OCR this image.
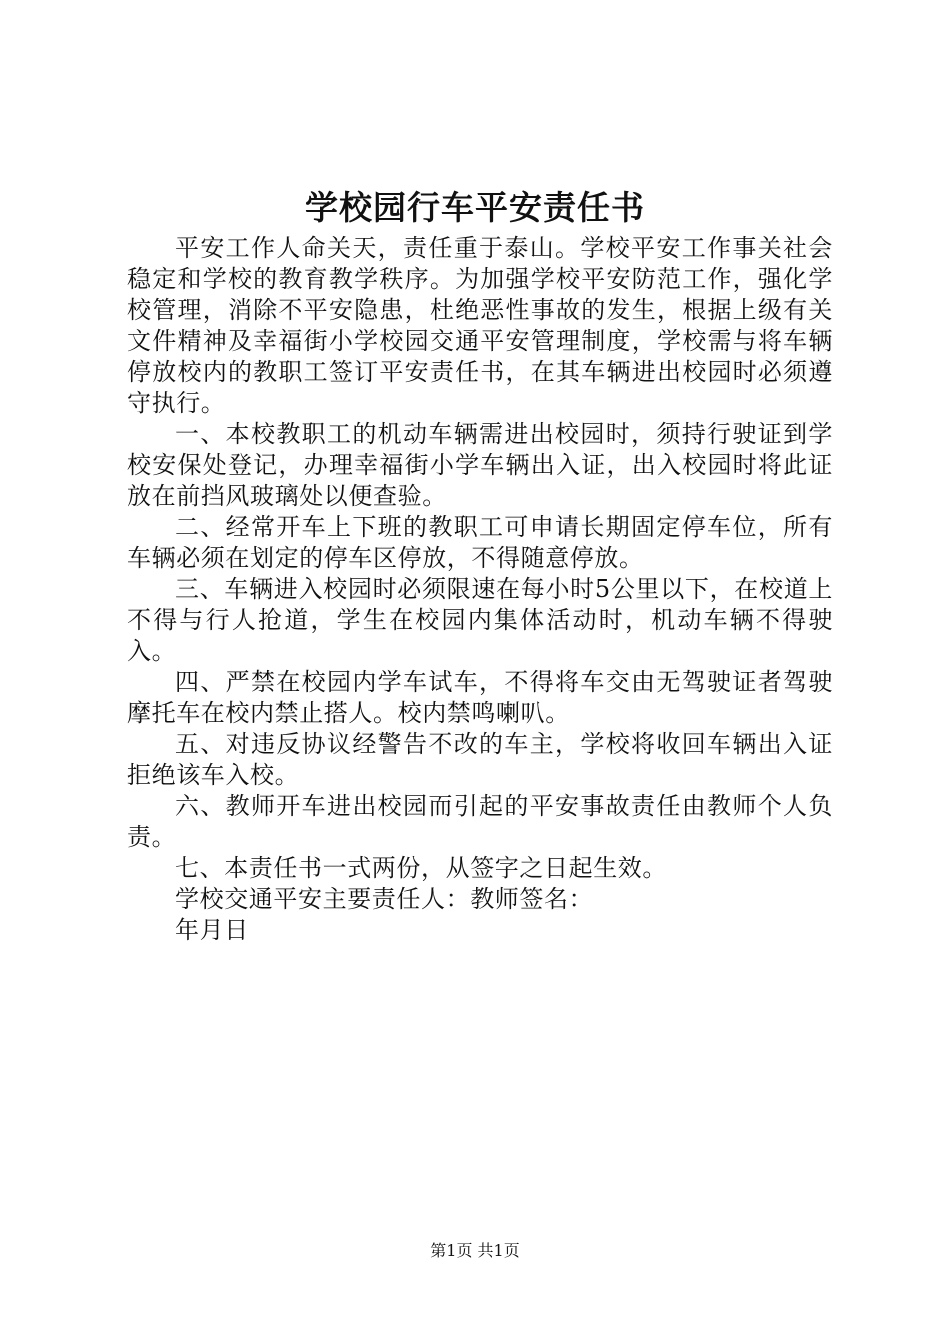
学校园行车平安责任书

平安工作人命关天，责任重于泰山。学校平安工作事关社会稳定和学校的教育教学秩序。为加强学校平安防范工作，强化学校管理，消除不平安隐患，杜绝恶性事故的发生，根据上级有关文件精神及幸福街小学校园交通平安管理制度，学校需与将车辆停放校内的教职工签订平安责任书，在其车辆进出校园时必须遵守执行。

一、本校教职工的机动车辆需进出校园时，须持行驶证到学校安保处登记，办理幸福街小学车辆出入证，出入校园时将此证放在前挡风玻璃处以便查验。

二、经常开车上下班的教职工可申请长期固定停车位，所有车辆必须在划定的停车区停放，不得随意停放。

三、车辆进入校园时必须限速在每小时5公里以下，在校道上不得与行人抢道，学生在校园内集体活动时，机动车辆不得驶入。

四、严禁在校园内学车试车，不得将车交由无驾驶证者驾驶摩托车在校内禁止搭人。校内禁鸣喇叭。

五、对违反协议经警告不改的车主，学校将收回车辆出入证拒绝该车入校。

六、教师开车进出校园而引起的平安事故责任由教师个人负责。

七、本责任书一式两份，从签字之日起生效。

学校交通平安主要责任人：教师签名：

年月日

第1页 共1页
